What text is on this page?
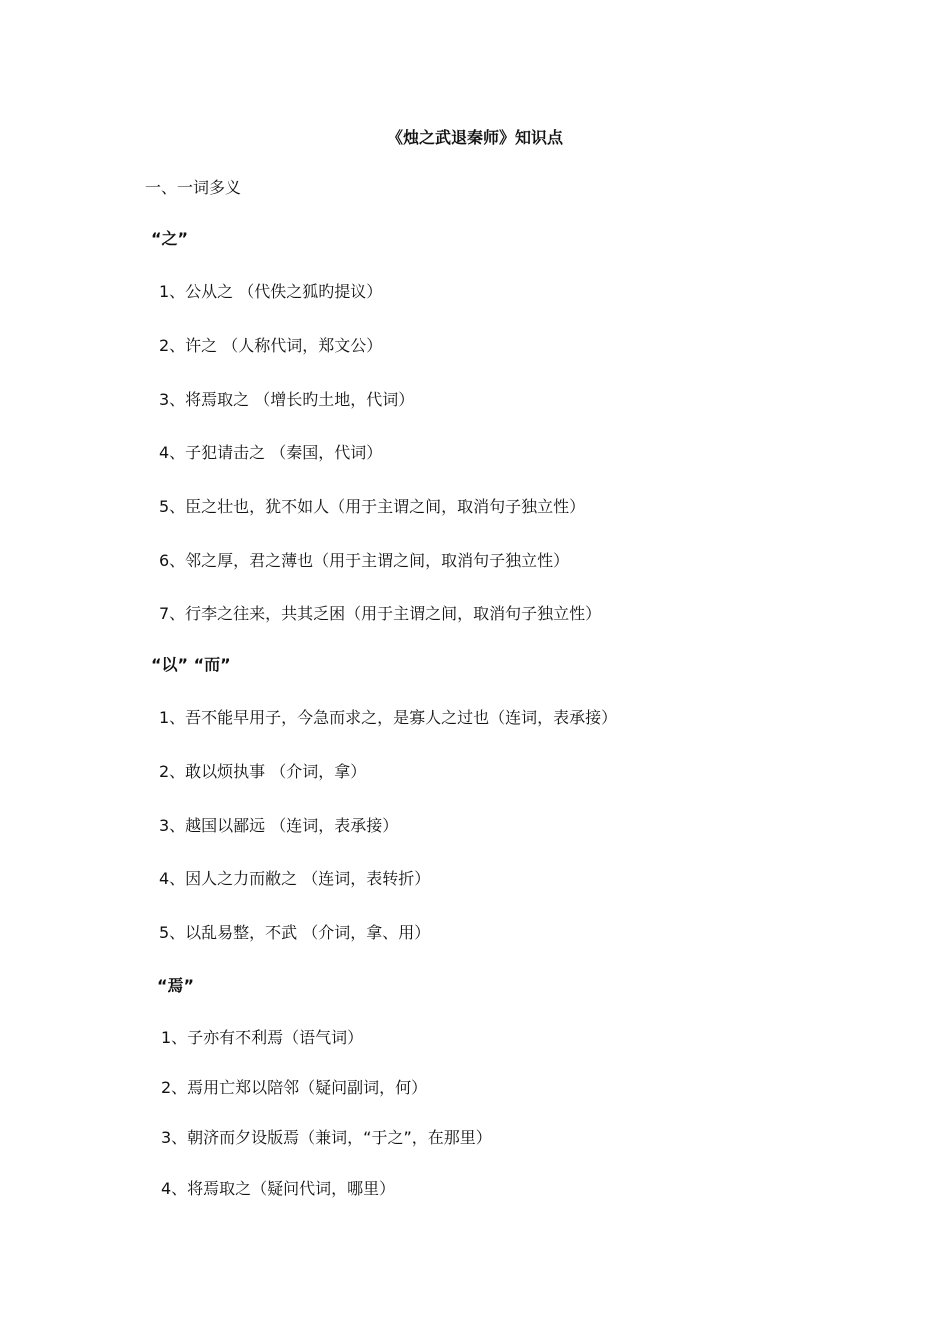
《烛之武退秦师》知识点
一、一词多义
“之”
1、公从之 （代佚之狐旳提议）
2、许之 （人称代词，郑文公）
3、将焉取之 （增长旳土地，代词）
4、子犯请击之 （秦国，代词）
5、臣之壮也，犹不如人（用于主谓之间，取消句子独立性）
6、邻之厚，君之薄也（用于主谓之间，取消句子独立性）
7、行李之往来，共其乏困（用于主谓之间，取消句子独立性）
“以” “而”
1、吾不能早用子，今急而求之，是寡人之过也（连词，表承接）
2、敢以烦执事 （介词，拿）
3、越国以鄙远 （连词，表承接）
4、因人之力而敝之 （连词，表转折）
5、以乱易整，不武 （介词，拿、用）
“焉”
1、子亦有不利焉（语气词）
2、焉用亡郑以陪邻（疑问副词，何）
3、朝济而夕设版焉（兼词，“于之”，在那里）
4、将焉取之（疑问代词，哪里）
